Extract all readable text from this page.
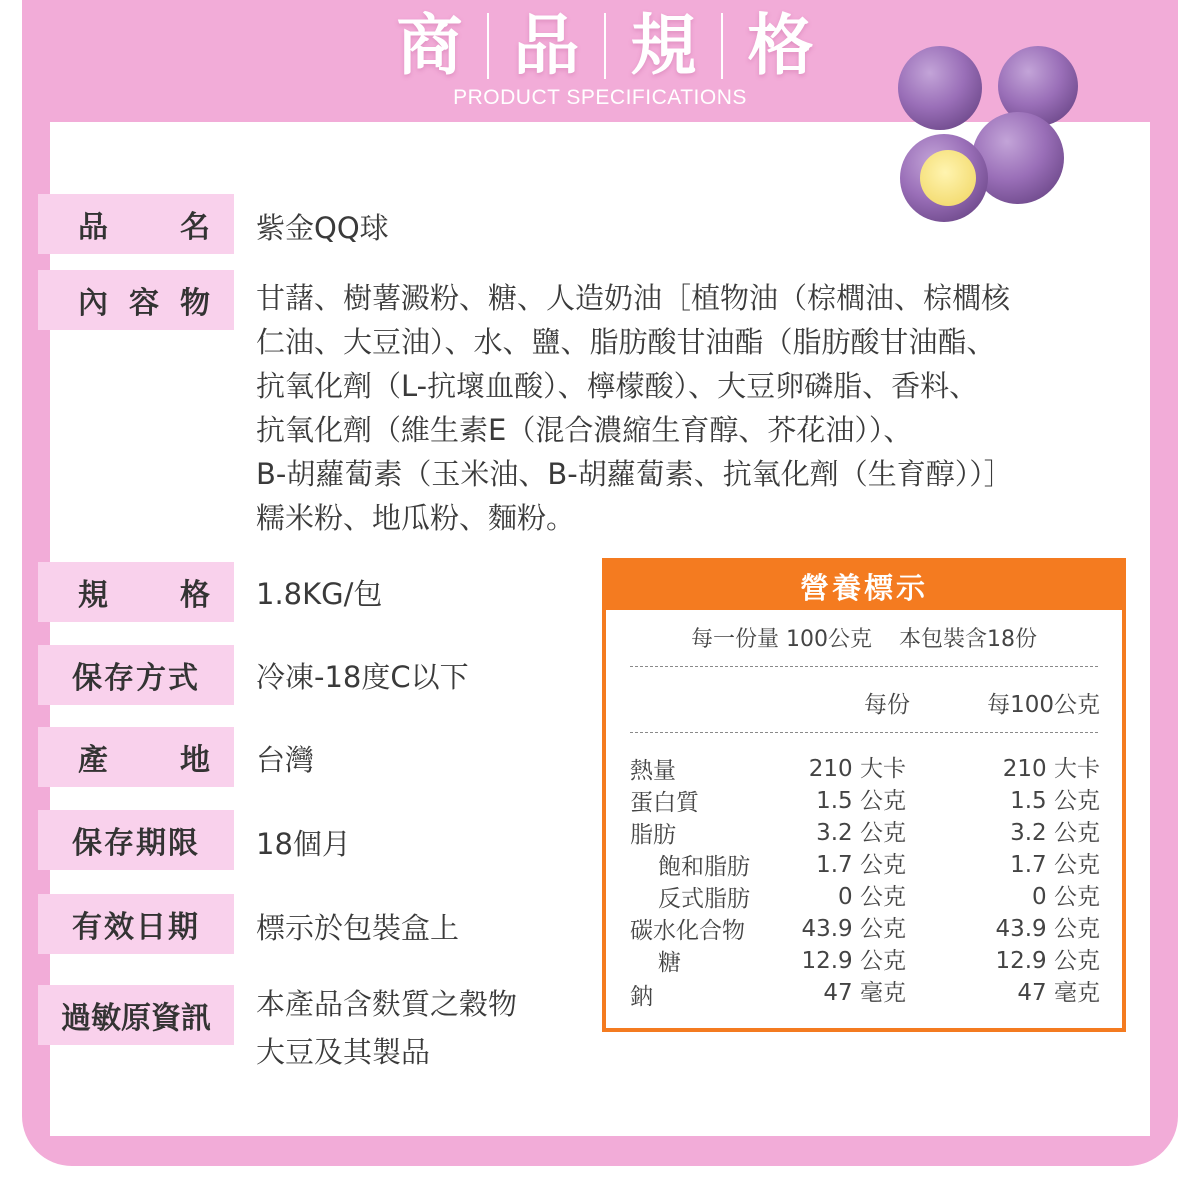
商 品 規 格
PRODUCT SPECIFICATIONS
品 名 紫金QQ球
內 容 物 甘藷、樹薯澱粉、糖、人造奶油［植物油（棕櫚油、棕櫚核
仁油、大豆油）、水、鹽、脂肪酸甘油酯（脂肪酸甘油酯、
抗氧化劑（L-抗壞血酸）、檸檬酸）、大豆卵磷脂、香料、
抗氧化劑（維生素E（混合濃縮生育醇、芥花油））、
B-胡蘿蔔素（玉米油、B-胡蘿蔔素、抗氧化劑（生育醇））］
糯米粉、地瓜粉、麵粉。
規 格 1.8KG/包
保存方式	冷凍-18度C以下
產 地 台灣
保存期限	18個月
有效日期	標示於包裝盒上
過敏原資訊	本產品含麩質之穀物
大豆及其製品
營養標示
每一份量 100公克 本包裝含18份
每份	每100公克
熱量	210 大卡	210 大卡
蛋白質	1.5 公克	1.5 公克
脂肪	3.2 公克	3.2 公克
飽和脂肪	1.7 公克	1.7 公克
反式脂肪	0 公克	0 公克
碳水化合物	43.9 公克	43.9 公克
糖	12.9 公克	12.9 公克
鈉	47 毫克	47 毫克
